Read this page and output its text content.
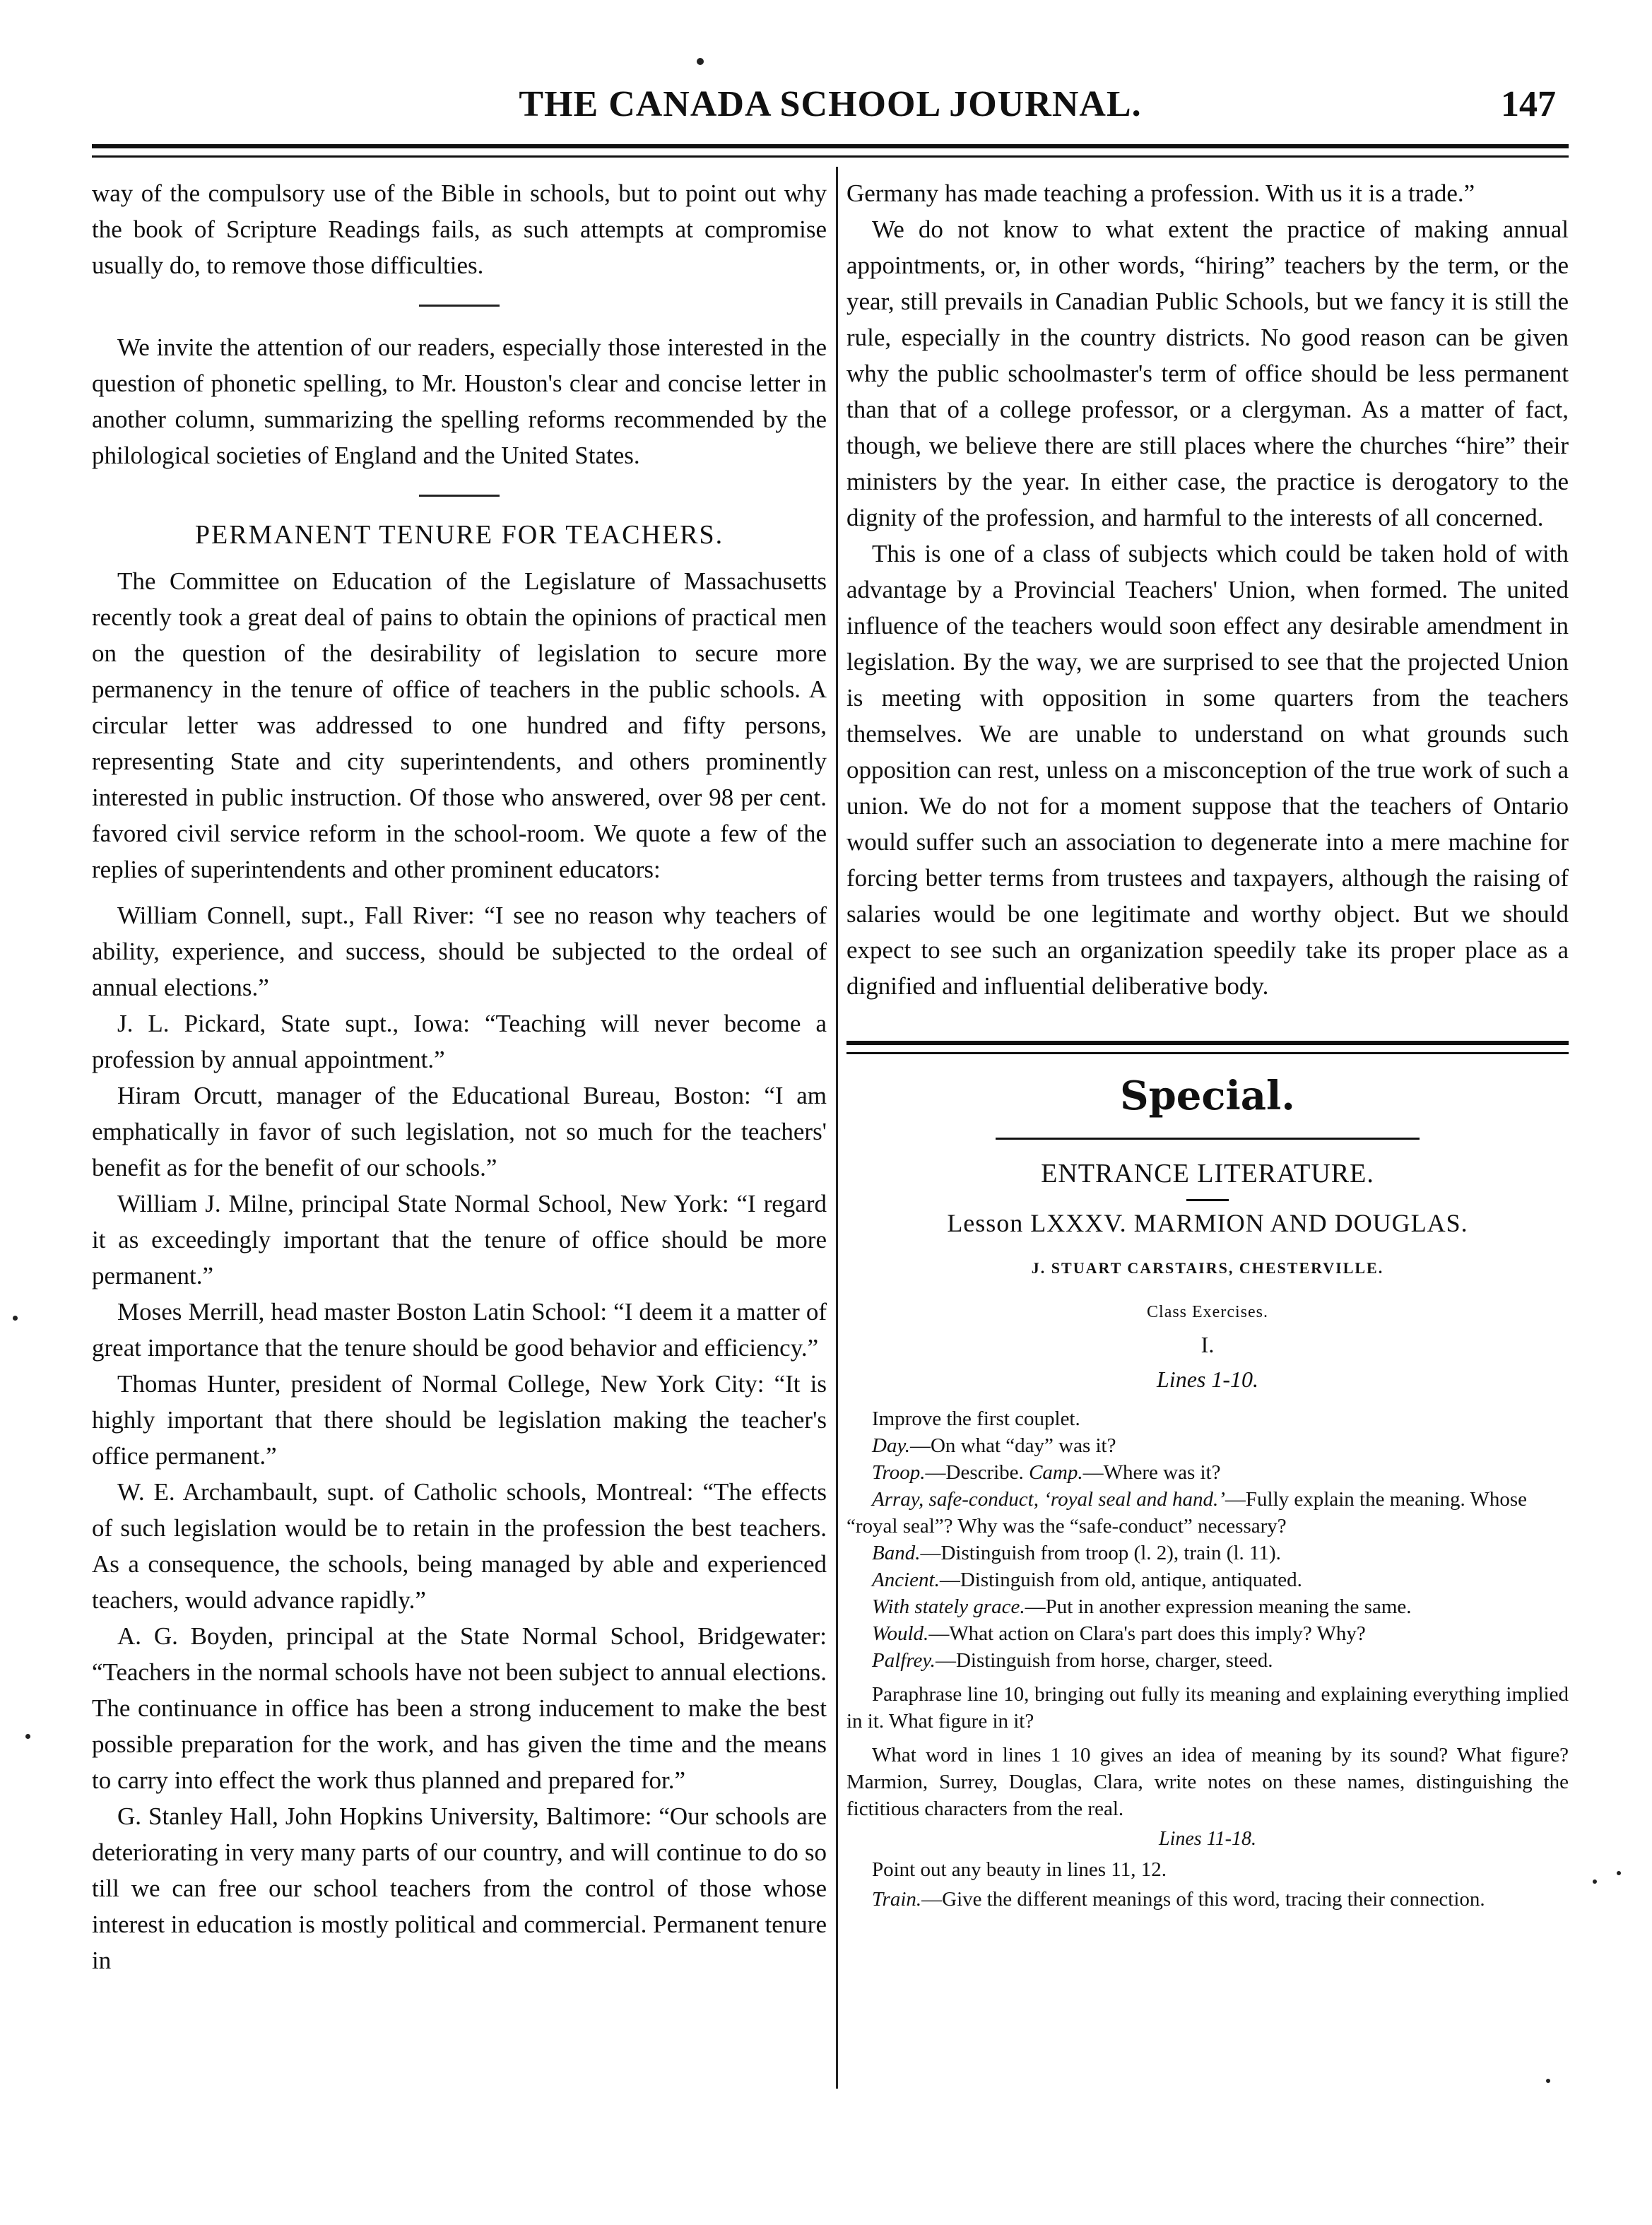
THE CANADA SCHOOL JOURNAL.	147

way of the compulsory use of the Bible in schools, but to point out why the book of Scripture Readings fails, as such attempts at compromise usually do, to remove those difficulties.

We invite the attention of our readers, especially those interested in the question of phonetic spelling, to Mr. Houston's clear and concise letter in another column, summarizing the spelling reforms recommended by the philological societies of England and the United States.

PERMANENT TENURE FOR TEACHERS.

The Committee on Education of the Legislature of Massachusetts recently took a great deal of pains to obtain the opinions of practical men on the question of the desirability of legislation to secure more permanency in the tenure of office of teachers in the public schools. A circular letter was addressed to one hundred and fifty persons, representing State and city superintendents, and others prominently interested in public instruction. Of those who answered, over 98 per cent. favored civil service reform in the school-room. We quote a few of the replies of superintendents and other prominent educators:

William Connell, supt., Fall River: “I see no reason why teachers of ability, experience, and success, should be subjected to the ordeal of annual elections.”

J. L. Pickard, State supt., Iowa: “Teaching will never become a profession by annual appointment.”

Hiram Orcutt, manager of the Educational Bureau, Boston: “I am emphatically in favor of such legislation, not so much for the teachers' benefit as for the benefit of our schools.”

William J. Milne, principal State Normal School, New York: “I regard it as exceedingly important that the tenure of office should be more permanent.”

Moses Merrill, head master Boston Latin School: “I deem it a matter of great importance that the tenure should be good behavior and efficiency.”

Thomas Hunter, president of Normal College, New York City: “It is highly important that there should be legislation making the teacher's office permanent.”

W. E. Archambault, supt. of Catholic schools, Montreal: “The effects of such legislation would be to retain in the profession the best teachers. As a consequence, the schools, being managed by able and experienced teachers, would advance rapidly.”

A. G. Boyden, principal at the State Normal School, Bridgewater: “Teachers in the normal schools have not been subject to annual elections. The continuance in office has been a strong inducement to make the best possible preparation for the work, and has given the time and the means to carry into effect the work thus planned and prepared for.”

G. Stanley Hall, John Hopkins University, Baltimore: “Our schools are deteriorating in very many parts of our country, and will continue to do so till we can free our school teachers from the control of those whose interest in education is mostly political and commercial. Permanent tenure in

Germany has made teaching a profession. With us it is a trade.”

We do not know to what extent the practice of making annual appointments, or, in other words, “hiring” teachers by the term, or the year, still prevails in Canadian Public Schools, but we fancy it is still the rule, especially in the country districts. No good reason can be given why the public schoolmaster's term of office should be less permanent than that of a college professor, or a clergyman. As a matter of fact, though, we believe there are still places where the churches “hire” their ministers by the year. In either case, the practice is derogatory to the dignity of the profession, and harmful to the interests of all concerned.

This is one of a class of subjects which could be taken hold of with advantage by a Provincial Teachers' Union, when formed. The united influence of the teachers would soon effect any desirable amendment in legislation. By the way, we are surprised to see that the projected Union is meeting with opposition in some quarters from the teachers themselves. We are unable to understand on what grounds such opposition can rest, unless on a misconception of the true work of such a union. We do not for a moment suppose that the teachers of Ontario would suffer such an association to degenerate into a mere machine for forcing better terms from trustees and taxpayers, although the raising of salaries would be one legitimate and worthy object. But we should expect to see such an organization speedily take its proper place as a dignified and influential deliberative body.

Special.
ENTRANCE LITERATURE.
Lesson LXXXV. MARMION AND DOUGLAS.
J. STUART CARSTAIRS, CHESTERVILLE.
Class Exercises.
I.
Lines 1-10.

Improve the first couplet.

Day.—On what “day” was it?

Troop.—Describe. Camp.—Where was it?

Array, safe-conduct, ‘royal seal and hand.’—Fully explain the meaning. Whose “royal seal”? Why was the “safe-conduct” necessary?

Band.—Distinguish from troop (l. 2), train (l. 11).

Ancient.—Distinguish from old, antique, antiquated.

With stately grace.—Put in another expression meaning the same.

Would.—What action on Clara's part does this imply? Why?

Palfrey.—Distinguish from horse, charger, steed.

Paraphrase line 10, bringing out fully its meaning and explaining everything implied in it. What figure in it?

What word in lines 1 10 gives an idea of meaning by its sound? What figure? Marmion, Surrey, Douglas, Clara, write notes on these names, distinguishing the fictitious characters from the real.

Lines 11-18.

Point out any beauty in lines 11, 12.

Train.—Give the different meanings of this word, tracing their connection.
